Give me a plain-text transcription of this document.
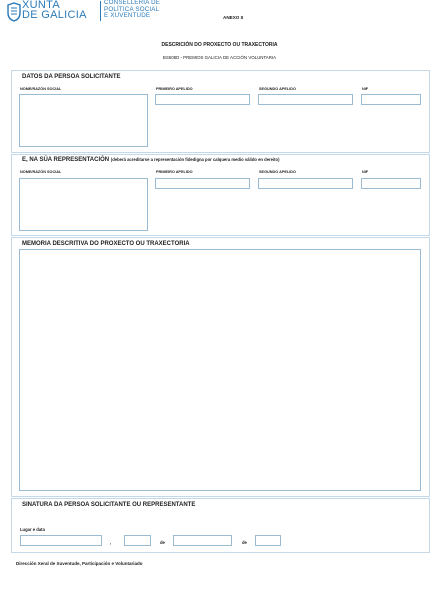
XUNTA
DE GALICIA
CONSELLERÍA DE
POLÍTICA SOCIAL
E XUVENTUDE	ANEXO II
DESCRICIÓN DO PROXECTO OU TRAXECTORIA
BS508D - PREMIOS GALICIA DE ACCIÓN VOLUNTARIA
DATOS DA PERSOA SOLICITANTE
NOME/RAZÓN SOCIAL	PRIMEIRO APELIDO	SEGUNDO APELIDO	NIF
E, NA SÚA REPRESENTACIÓN (deberá acreditarse a representación fidedigna por calquera medio válido en dereito)
NOME/RAZÓN SOCIAL	PRIMEIRO APELIDO	SEGUNDO APELIDO	NIF
MEMORIA DESCRITIVA DO PROXECTO OU TRAXECTORIA
SINATURA DA PERSOA SOLICITANTE OU REPRESENTANTE
Lugar e data
,	de	de
Dirección Xeral de Xuventude, Participación e Voluntariado
